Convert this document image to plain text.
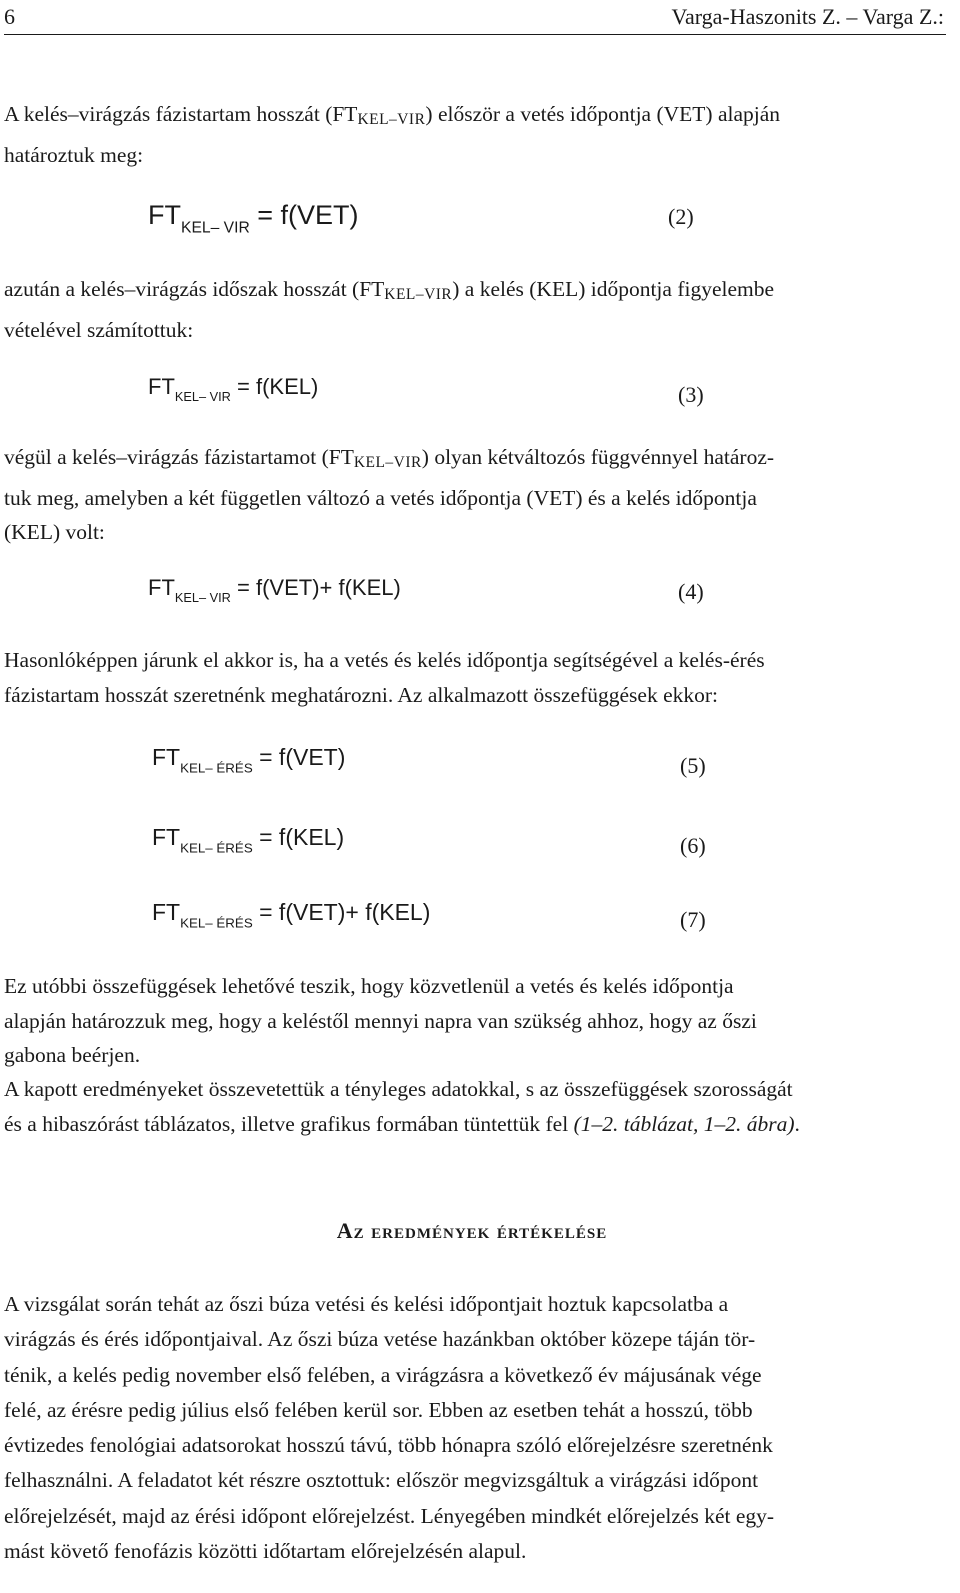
6	Varga-Haszonits Z. – Varga Z.:

A kelés–virágzás fázistartam hosszát (FTKEL–VIR) először a vetés időpontja (VET) alapján
határoztuk meg:

$FT_{KEL- VIR} = f(VET)$	(2)

azután a kelés–virágzás időszak hosszát (FTKEL–VIR) a kelés (KEL) időpontja figyelembe
vételével számítottuk:

$FT_{KEL- VIR} = f(KEL)$	(3)

végül a kelés–virágzás fázistartamot (FTKEL–VIR) olyan kétváltozós függvénnyel határoz-
tuk meg, amelyben a két független változó a vetés időpontja (VET) és a kelés időpontja
(KEL) volt:

$FT_{KEL- VIR} = f(VET)+ f(KEL)$	(4)

Hasonlóképpen járunk el akkor is, ha a vetés és kelés időpontja segítségével a kelés-érés
fázistartam hosszát szeretnénk meghatározni. Az alkalmazott összefüggések ekkor:

$FT_{KEL- ÉRÉS} = f(VET)$	(5)
$FT_{KEL- ÉRÉS} = f(KEL)$	(6)
$FT_{KEL- ÉRÉS} = f(VET)+ f(KEL)$	(7)

Ez utóbbi összefüggések lehetővé teszik, hogy közvetlenül a vetés és kelés időpontja
alapján határozzuk meg, hogy a keléstől mennyi napra van szükség ahhoz, hogy az őszi
gabona beérjen.

A kapott eredményeket összevetettük a tényleges adatokkal, s az összefüggések szorosságát
és a hibaszórást táblázatos, illetve grafikus formában tüntettük fel (1–2. táblázat, 1–2. ábra).

Az eredmények értékelése

A vizsgálat során tehát az őszi búza vetési és kelési időpontjait hoztuk kapcsolatba a
virágzás és érés időpontjaival. Az őszi búza vetése hazánkban október közepe táján tör-
ténik, a kelés pedig november első felében, a virágzásra a következő év májusának vége
felé, az érésre pedig július első felében kerül sor. Ebben az esetben tehát a hosszú, több
évtizedes fenológiai adatsorokat hosszú távú, több hónapra szóló előrejelzésre szeretnénk
felhasználni. A feladatot két részre osztottuk: először megvizsgáltuk a virágzási időpont
előrejelzését, majd az érési időpont előrejelzést. Lényegében mindkét előrejelzés két egy-
mást követő fenofázis közötti időtartam előrejelzésén alapul.
